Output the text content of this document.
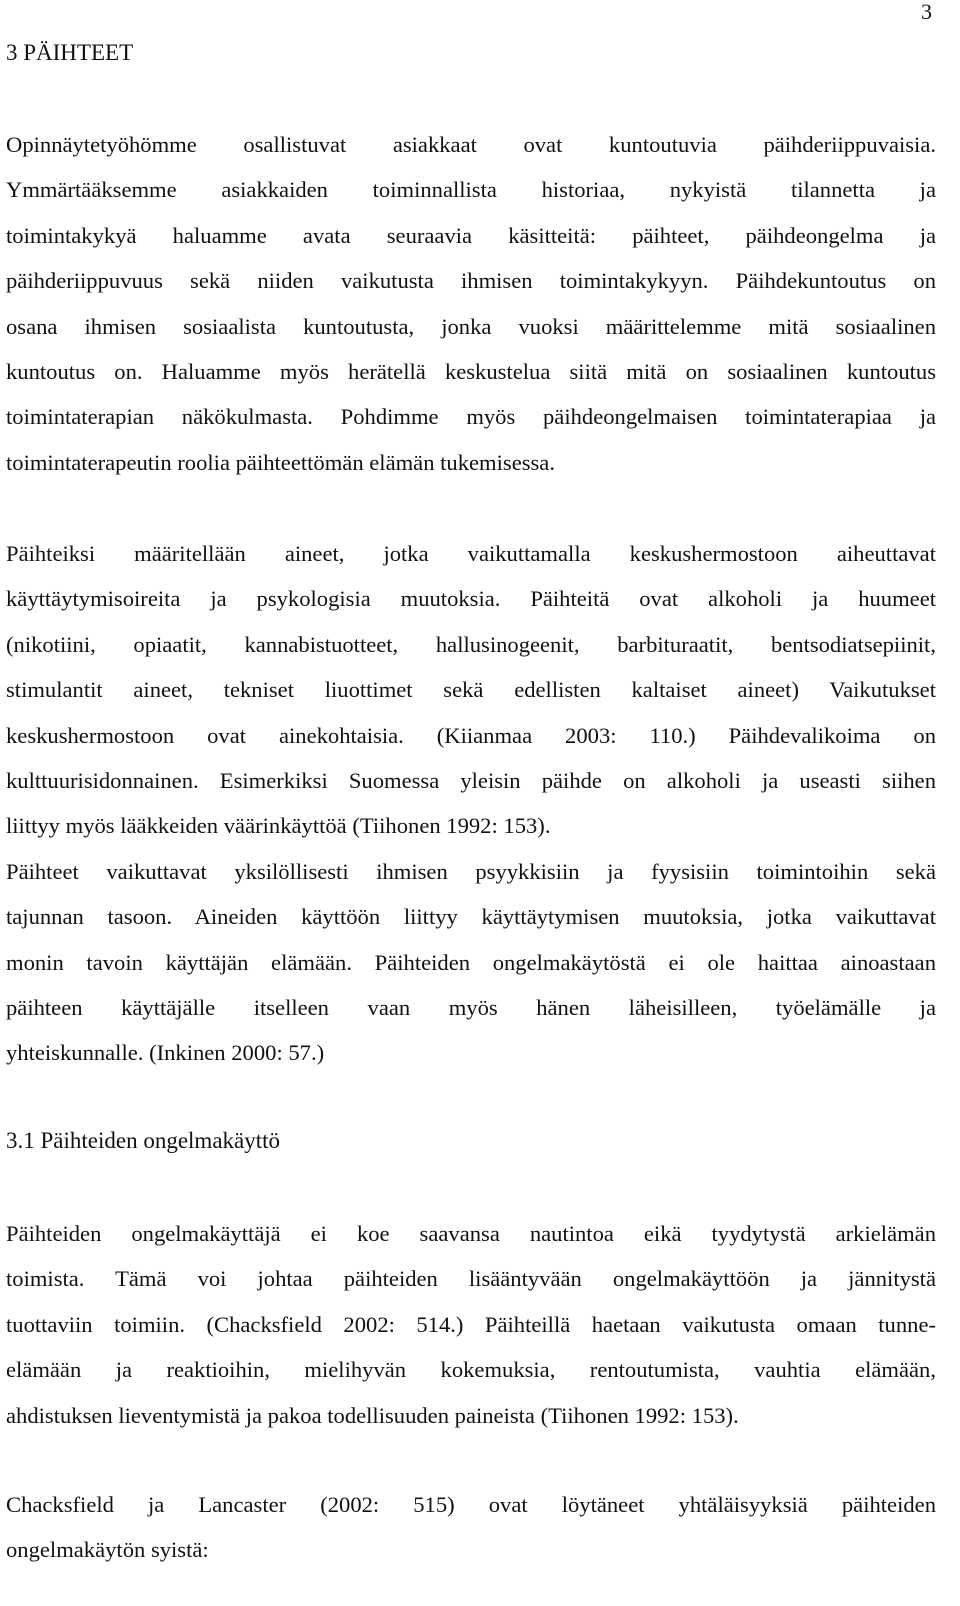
3
3 PÄIHTEET
Opinnäytetyöhömme osallistuvat asiakkaat ovat kuntoutuvia päihderiippuvaisia.
Ymmärtääksemme asiakkaiden toiminnallista historiaa, nykyistä tilannetta ja
toimintakykyä haluamme avata seuraavia käsitteitä: päihteet, päihdeongelma ja
päihderiippuvuus sekä niiden vaikutusta ihmisen toimintakykyyn. Päihdekuntoutus on
osana ihmisen sosiaalista kuntoutusta, jonka vuoksi määrittelemme mitä sosiaalinen
kuntoutus on. Haluamme myös herätellä keskustelua siitä mitä on sosiaalinen kuntoutus
toimintaterapian näkökulmasta. Pohdimme myös päihdeongelmaisen toimintaterapiaa ja
toimintaterapeutin roolia päihteettömän elämän tukemisessa.
Päihteiksi määritellään aineet, jotka vaikuttamalla keskushermostoon aiheuttavat
käyttäytymisoireita ja psykologisia muutoksia. Päihteitä ovat alkoholi ja huumeet
(nikotiini, opiaatit, kannabistuotteet, hallusinogeenit, barbituraatit, bentsodiatsepiinit,
stimulantit aineet, tekniset liuottimet sekä edellisten kaltaiset aineet) Vaikutukset
keskushermostoon ovat ainekohtaisia. (Kiianmaa 2003: 110.) Päihdevalikoima on
kulttuurisidonnainen. Esimerkiksi Suomessa yleisin päihde on alkoholi ja useasti siihen
liittyy myös lääkkeiden väärinkäyttöä (Tiihonen 1992: 153).
Päihteet vaikuttavat yksilöllisesti ihmisen psyykkisiin ja fyysisiin toimintoihin sekä
tajunnan tasoon. Aineiden käyttöön liittyy käyttäytymisen muutoksia, jotka vaikuttavat
monin tavoin käyttäjän elämään. Päihteiden ongelmakäytöstä ei ole haittaa ainoastaan
päihteen käyttäjälle itselleen vaan myös hänen läheisilleen, työelämälle ja
yhteiskunnalle. (Inkinen 2000: 57.)
3.1 Päihteiden ongelmakäyttö
Päihteiden ongelmakäyttäjä ei koe saavansa nautintoa eikä tyydytystä arkielämän
toimista. Tämä voi johtaa päihteiden lisääntyvään ongelmakäyttöön ja jännitystä
tuottaviin toimiin. (Chacksfield 2002: 514.) Päihteillä haetaan vaikutusta omaan tunne-
elämään ja reaktioihin, mielihyvän kokemuksia, rentoutumista, vauhtia elämään,
ahdistuksen lieventymistä ja pakoa todellisuuden paineista (Tiihonen 1992: 153).
Chacksfield ja Lancaster (2002: 515) ovat löytäneet yhtäläisyyksiä päihteiden
ongelmakäytön syistä:
